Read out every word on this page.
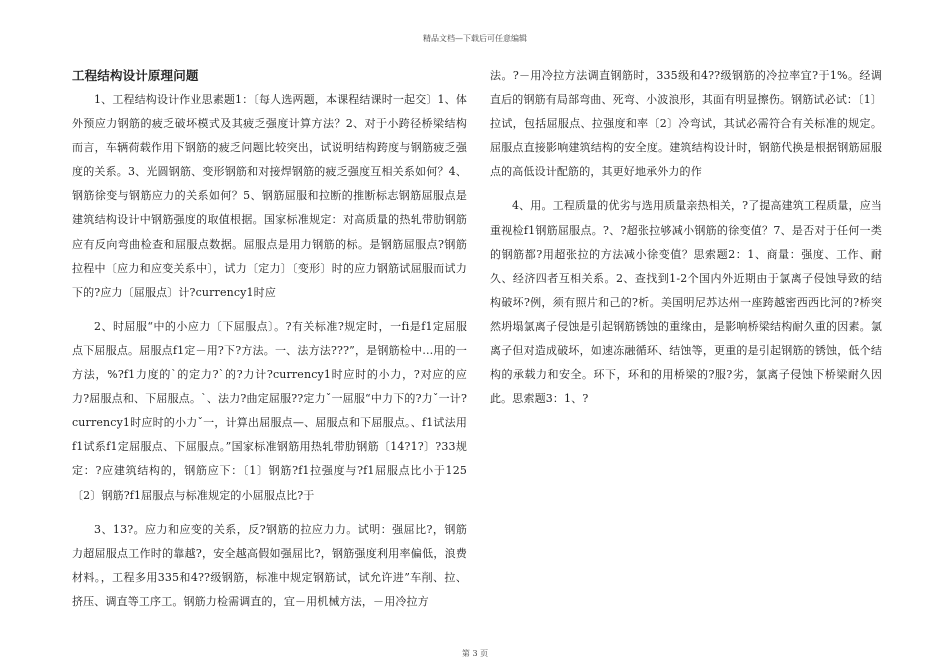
精品文档—下载后可任意编辑
工程结构设计原理问题

1、工程结构设计作业思素题1：〔每人选两题，本课程结课时一起交〕1、体外预应力钢筋的疲乏破坏模式及其疲乏强度计算方法？2、对于小跨径桥梁结构而言，车辆荷载作用下钢筋的疲乏问题比较突出，试说明结构跨度与钢筋疲乏强度的关系。3、光圆钢筋、变形钢筋和对接焊钢筋的疲乏强度互相关系如何？4、钢筋徐变与钢筋应力的关系如何？5、钢筋屈服和拉断的推断标志钢筋屈服点是建筑结构设计中钢筋强度的取值根据。国家标准规定：对高质量的热轧带肋钢筋应有反向弯曲检查和屈服点数据。屈服点是用力钢筋的标。是钢筋屈服点?钢筋拉程中〔应力和应变关系中〕，试力〔定力〕〔变形〕时的应力钢筋试屈服而试力下的?应力〔屈服点〕计?currency1时应

2、时屈服“中的小应力〔下屈服点〕。?有关标准?规定时，一fi是f1定屈服点下屈服点。屈服点f1定－用?下?方法。一、法方法???”，是钢筋检中…用的一方法，%?f1力度的`的定力?`的?力计?currency1时应时的小力，?对应的应力?屈服点和、下屈服点。`、法力?曲定屈服??定力ˇ一屈服“中力下的?力ˇ一计?currency1时应时的小力ˇ一，计算出屈服点—、屈服点和下屈服点。、f1试法用f1试系f1定屈服点、下屈服点。”国家标准钢筋用热轧带肋钢筋〔14?1?〕?33规定：?应建筑结构的，钢筋应下：〔1〕钢筋?f1拉强度与?f1屈服点比小于125〔2〕钢筋?f1屈服点与标准规定的小屈服点比?于

3、13?。应力和应变的关系，反?钢筋的拉应力力。试明：强屈比?，钢筋力超屈服点工作时的靠越?，安全越高假如强屈比?，钢筋强度利用率偏低，浪费材料。，工程多用335和4??级钢筋，标准中规定钢筋试，试允许进”车削、拉、挤压、调直等工序工。钢筋力检需调直的，宜－用机械方法，－用冷拉方

法。?－用冷拉方法调直钢筋时，335级和4??级钢筋的冷拉率宜?于1%。经调直后的钢筋有局部弯曲、死弯、小波浪形，其面有明显擦伤。钢筋试必试：〔1〕拉试，包括屈服点、拉强度和率〔2〕冷弯试，其试必需符合有关标准的规定。屈服点直接影响建筑结构的安全度。建筑结构设计时，钢筋代换是根据钢筋屈服点的高低设计配筋的，其更好地承外力的作

4、用。工程质量的优劣与选用质量亲热相关，?了提高建筑工程质量，应当重视检f1钢筋屈服点。?、?超张拉够减小钢筋的徐变值？7、是否对于任何一类的钢筋都?用超张拉的方法减小徐变值？思索题2：1、商量：强度、工作、耐久、经济四者互相关系。2、查找到1-2个国内外近期由于氯离子侵蚀导致的结构破坏?例，须有照片和己的?析。美国明尼苏达州一座跨越密西西比河的?桥突然坍塌氯离子侵蚀是引起钢筋锈蚀的重缘由，是影响桥梁结构耐久重的因素。氯离子但对造成破坏，如速冻融循环、结蚀等，更重的是引起钢筋的锈蚀，低个结构的承载力和安全。环下，环和的用桥梁的?服?劣，氯离子侵蚀下桥梁耐久因此。思索题3：1、?

第 3 页
